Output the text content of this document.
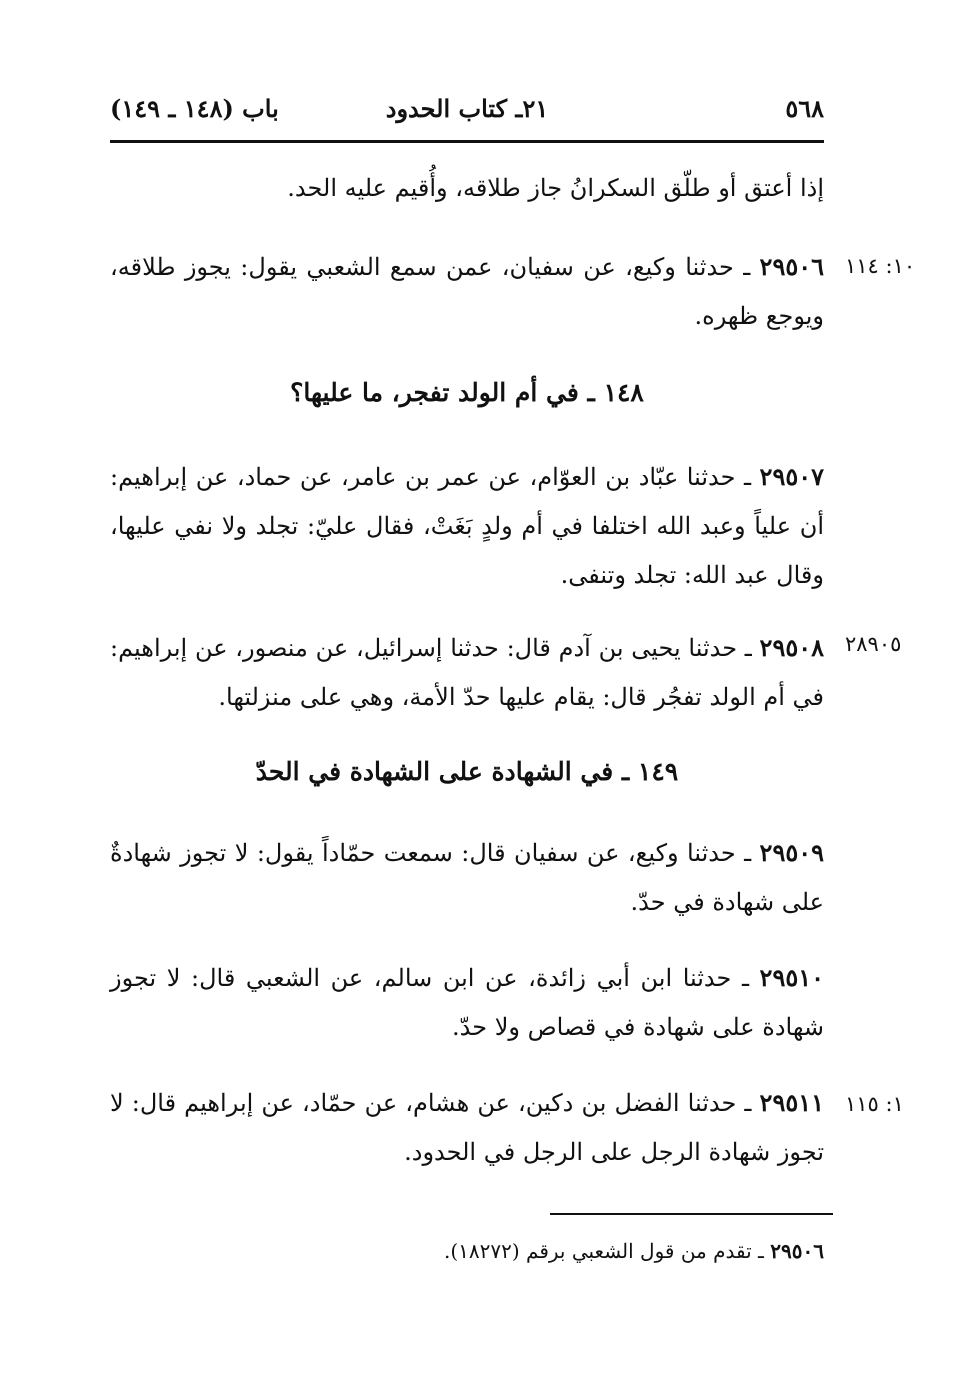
٥٦٨
٢١ـ كتاب الحدود
باب (١٤٨ ـ ١٤٩)

إذا أعتق أو طلّق السكرانُ جاز طلاقه، وأُقيم عليه الحد.

١٠: ١١٤

٢٩٥٠٦ ـ حدثنا وكيع، عن سفيان، عمن سمع الشعبي يقول: يجوز طلاقه، ويوجع ظهره.

١٤٨ ـ في أم الولد تفجر، ما عليها؟

٢٩٥٠٧ ـ حدثنا عبّاد بن العوّام، عن عمر بن عامر، عن حماد، عن إبراهيم: أن علياً وعبد الله اختلفا في أم ولدٍ بَغَتْ، فقال عليّ: تجلد ولا نفي عليها، وقال عبد الله: تجلد وتنفى.

٢٨٩٠٥

٢٩٥٠٨ ـ حدثنا يحيى بن آدم قال: حدثنا إسرائيل، عن منصور، عن إبراهيم: في أم الولد تفجُر قال: يقام عليها حدّ الأمة، وهي على منزلتها.

١٤٩ ـ في الشهادة على الشهادة في الحدّ

٢٩٥٠٩ ـ حدثنا وكيع، عن سفيان قال: سمعت حمّاداً يقول: لا تجوز شهادةٌ على شهادة في حدّ.

٢٩٥١٠ ـ حدثنا ابن أبي زائدة، عن ابن سالم، عن الشعبي قال: لا تجوز شهادة على شهادة في قصاص ولا حدّ.

١: ١١٥

٢٩٥١١ ـ حدثنا الفضل بن دكين، عن هشام، عن حمّاد، عن إبراهيم قال: لا تجوز شهادة الرجل على الرجل في الحدود.

٢٩٥٠٦ ـ تقدم من قول الشعبي برقم (١٨٢٧٢).
